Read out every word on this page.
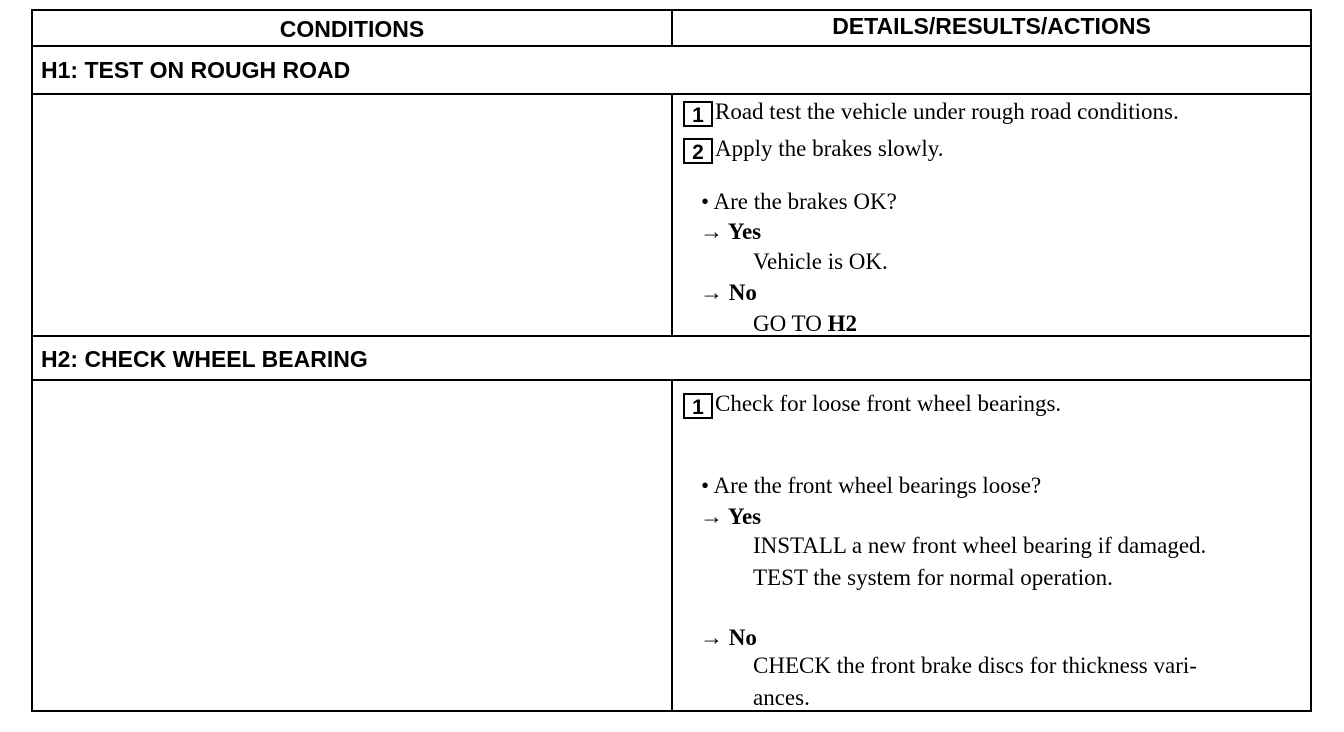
CONDITIONS	DETAILS/RESULTS/ACTIONS
H1: TEST ON ROUGH ROAD
1 Road test the vehicle under rough road conditions.
2 Apply the brakes slowly.
• Are the brakes OK?
→ Yes
Vehicle is OK.
→ No
GO TO H2
H2: CHECK WHEEL BEARING
1 Check for loose front wheel bearings.
• Are the front wheel bearings loose?
→ Yes
INSTALL a new front wheel bearing if damaged.
TEST the system for normal operation.
→ No
CHECK the front brake discs for thickness vari-
ances.
